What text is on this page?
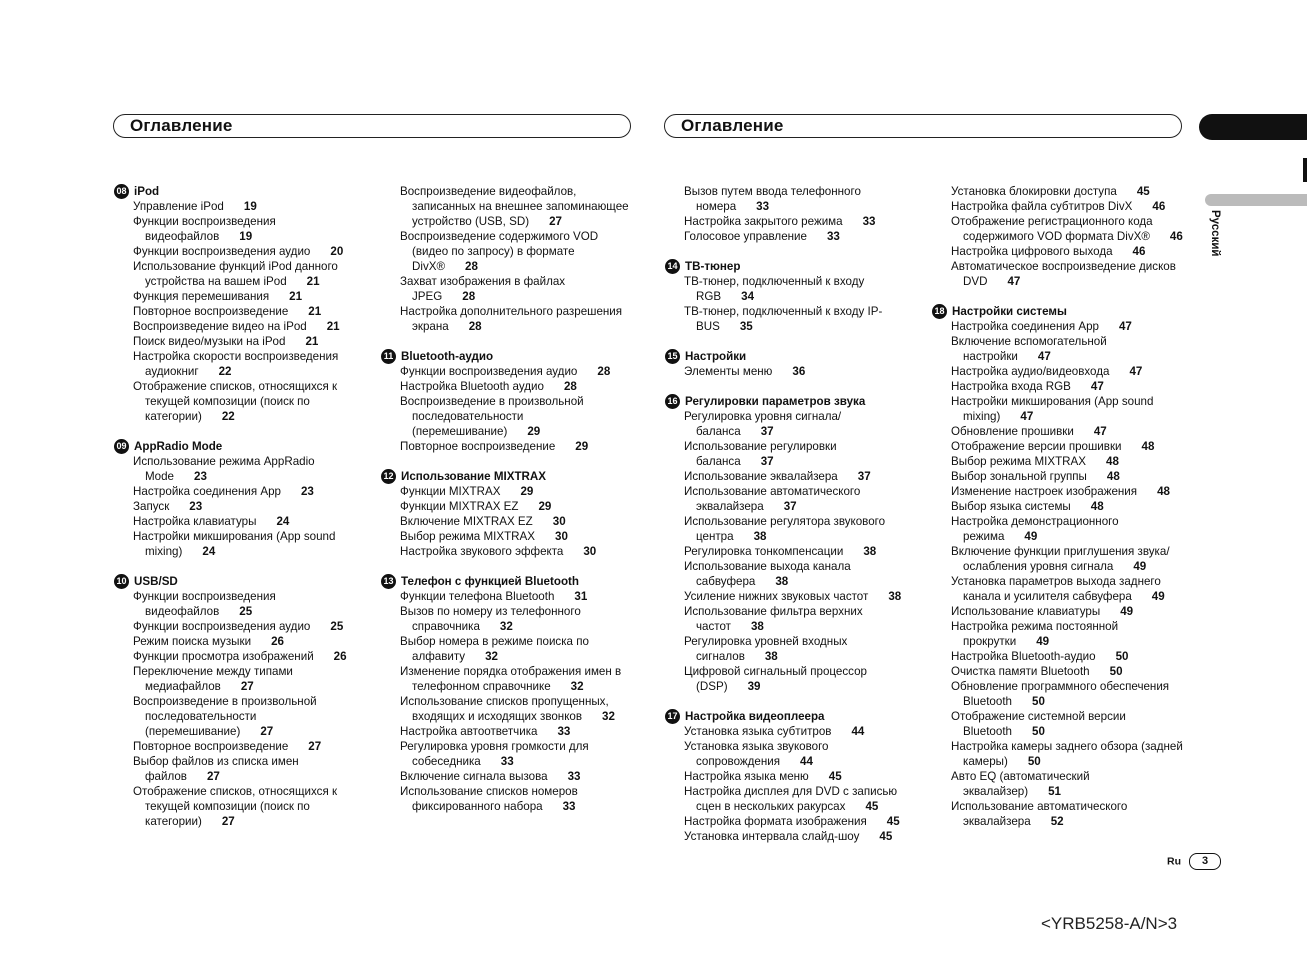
Оглавление	Оглавление
Русский
08 iPod
Управление iPod 19
Функции воспроизведения видеофайлов 19
Функции воспроизведения аудио 20
Использование функций iPod данного устройства на вашем iPod 21
Функция перемешивания 21
Повторное воспроизведение 21
Воспроизведение видео на iPod 21
Поиск видео/музыки на iPod 21
Настройка скорости воспроизведения аудиокниг 22
Отображение списков, относящихся к текущей композиции (поиск по категории) 22
09 AppRadio Mode
Использование режима AppRadio Mode 23
Настройка соединения App 23
Запуск 23
Настройка клавиатуры 24
Настройки микширования (App sound mixing) 24
10 USB/SD
Функции воспроизведения видеофайлов 25
Функции воспроизведения аудио 25
Режим поиска музыки 26
Функции просмотра изображений 26
Переключение между типами медиафайлов 27
Воспроизведение в произвольной последовательности (перемешивание) 27
Повторное воспроизведение 27
Выбор файлов из списка имен файлов 27
Отображение списков, относящихся к текущей композиции (поиск по категории) 27
Воспроизведение видеофайлов, записанных на внешнее запоминающее устройство (USB, SD) 27
Воспроизведение содержимого VOD (видео по запросу) в формате DivX® 28
Захват изображения в файлах JPEG 28
Настройка дополнительного разрешения экрана 28
11 Bluetooth-аудио
Функции воспроизведения аудио 28
Настройка Bluetooth аудио 28
Воспроизведение в произвольной последовательности (перемешивание) 29
Повторное воспроизведение 29
12 Использование MIXTRAX
Функции MIXTRAX 29
Функции MIXTRAX EZ 29
Включение MIXTRAX EZ 30
Выбор режима MIXTRAX 30
Настройка звукового эффекта 30
13 Телефон с функцией Bluetooth
Функции телефона Bluetooth 31
Вызов по номеру из телефонного справочника 32
Выбор номера в режиме поиска по алфавиту 32
Изменение порядка отображения имен в телефонном справочнике 32
Использование списков пропущенных, входящих и исходящих звонков 32
Настройка автоответчика 33
Регулировка уровня громкости для собеседника 33
Включение сигнала вызова 33
Использование списков номеров фиксированного набора 33
Вызов путем ввода телефонного номера 33
Настройка закрытого режима 33
Голосовое управление 33
14 ТВ-тюнер
ТВ-тюнер, подключенный к входу RGB 34
ТВ-тюнер, подключенный к входу IP-BUS 35
15 Настройки
Элементы меню 36
16 Регулировки параметров звука
Регулировка уровня сигнала/баланса 37
Использование регулировки баланса 37
Использование эквалайзера 37
Использование автоматического эквалайзера 37
Использование регулятора звукового центра 38
Регулировка тонкомпенсации 38
Использование выхода канала сабвуфера 38
Усиление нижних звуковых частот 38
Использование фильтра верхних частот 38
Регулировка уровней входных сигналов 38
Цифровой сигнальный процессор (DSP) 39
17 Настройка видеоплеера
Установка языка субтитров 44
Установка языка звукового сопровождения 44
Настройка языка меню 45
Настройка дисплея для DVD с записью сцен в нескольких ракурсах 45
Настройка формата изображения 45
Установка интервала слайд-шоу 45
Установка блокировки доступа 45
Настройка файла субтитров DivX 46
Отображение регистрационного кода содержимого VOD формата DivX® 46
Настройка цифрового выхода 46
Автоматическое воспроизведение дисков DVD 47
18 Настройки системы
Настройка соединения App 47
Включение вспомогательной настройки 47
Настройка аудио/видеовхода 47
Настройка входа RGB 47
Настройки микширования (App sound mixing) 47
Обновление прошивки 47
Отображение версии прошивки 48
Выбор режима MIXTRAX 48
Выбор зональной группы 48
Изменение настроек изображения 48
Выбор языка системы 48
Настройка демонстрационного режима 49
Включение функции приглушения звука/ослабления уровня сигнала 49
Установка параметров выхода заднего канала и усилителя сабвуфера 49
Использование клавиатуры 49
Настройка режима постоянной прокрутки 49
Настройка Bluetooth-аудио 50
Очистка памяти Bluetooth 50
Обновление программного обеспечения Bluetooth 50
Отображение системной версии Bluetooth 50
Настройка камеры заднего обзора (задней камеры) 50
Авто EQ (автоматический эквалайзер) 51
Использование автоматического эквалайзера 52
Ru 3
<YRB5258-A/N>3
